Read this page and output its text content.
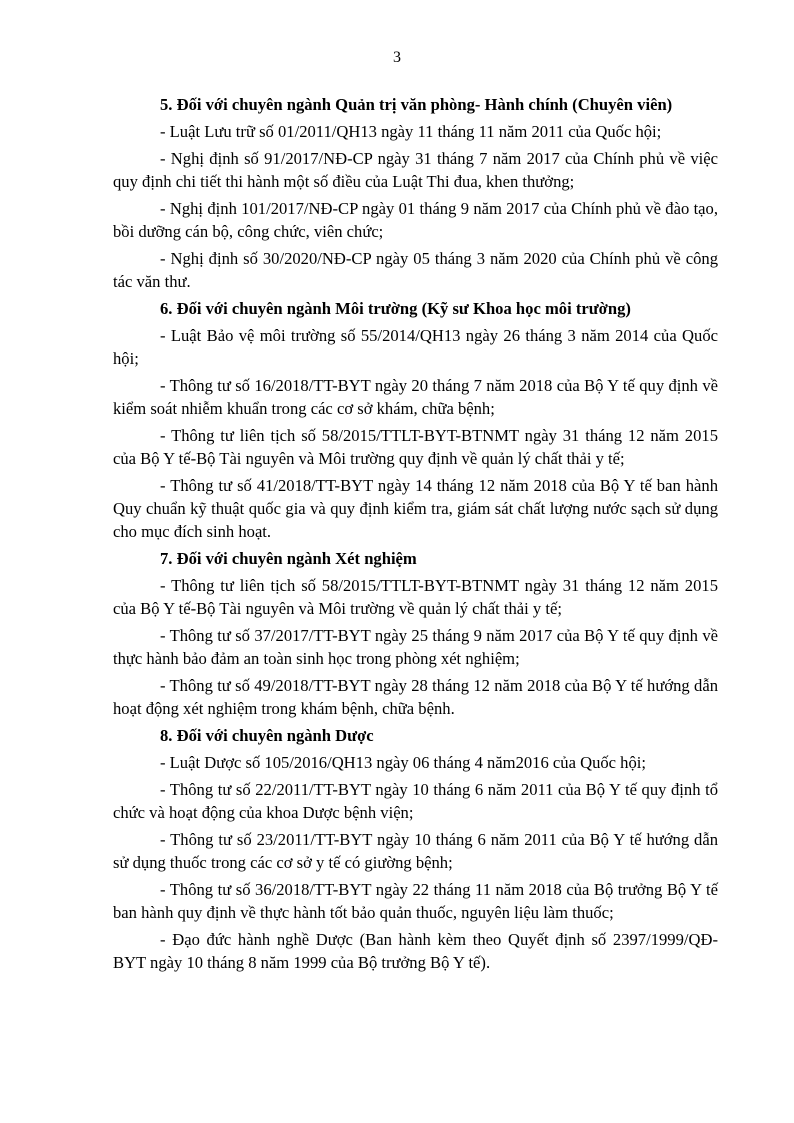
3

5. Đối với chuyên ngành Quản trị văn phòng- Hành chính (Chuyên viên)

- Luật Lưu trữ số 01/2011/QH13 ngày 11 tháng 11 năm 2011 của Quốc hội;

- Nghị định số 91/2017/NĐ-CP ngày 31 tháng 7 năm 2017 của Chính phủ về việc quy định chi tiết thi hành một số điều của Luật Thi đua, khen thưởng;

- Nghị định 101/2017/NĐ-CP ngày 01 tháng 9 năm 2017 của Chính phủ về đào tạo, bồi dưỡng cán bộ, công chức, viên chức;

- Nghị định số 30/2020/NĐ-CP ngày 05 tháng 3 năm 2020 của Chính phủ về công tác văn thư.

6. Đối với chuyên ngành Môi trường (Kỹ sư Khoa học môi trường)

- Luật Bảo vệ môi trường số 55/2014/QH13 ngày 26 tháng 3 năm 2014 của Quốc hội;

- Thông tư số 16/2018/TT-BYT ngày 20 tháng 7 năm 2018 của Bộ Y tế quy định về kiểm soát nhiễm khuẩn trong các cơ sở khám, chữa bệnh;

- Thông tư liên tịch số 58/2015/TTLT-BYT-BTNMT ngày 31 tháng 12 năm 2015 của Bộ Y tế-Bộ Tài nguyên và Môi trường quy định về quản lý chất thải y tế;

- Thông tư số 41/2018/TT-BYT ngày 14 tháng 12 năm 2018 của Bộ Y tế ban hành Quy chuẩn kỹ thuật quốc gia và quy định kiểm tra, giám sát chất lượng nước sạch sử dụng cho mục đích sinh hoạt.

7. Đối với chuyên ngành Xét nghiệm

- Thông tư liên tịch số 58/2015/TTLT-BYT-BTNMT ngày 31 tháng 12 năm 2015 của Bộ Y tế-Bộ Tài nguyên và Môi trường về quản lý chất thải y tế;

- Thông tư số 37/2017/TT-BYT ngày 25 tháng 9 năm 2017 của Bộ Y tế quy định về thực hành bảo đảm an toàn sinh học trong phòng xét nghiệm;

- Thông tư số 49/2018/TT-BYT ngày 28 tháng 12 năm 2018 của Bộ Y tế hướng dẫn hoạt động xét nghiệm trong khám bệnh, chữa bệnh.

8. Đối với chuyên ngành Dược

- Luật Dược số 105/2016/QH13 ngày 06 tháng 4 năm2016 của Quốc hội;

- Thông tư số 22/2011/TT-BYT ngày 10 tháng 6 năm 2011 của Bộ Y tế quy định tổ chức và hoạt động của khoa Dược bệnh viện;

- Thông tư số 23/2011/TT-BYT ngày 10 tháng 6 năm 2011 của Bộ Y tế hướng dẫn sử dụng thuốc trong các cơ sở y tế có giường bệnh;

- Thông tư số 36/2018/TT-BYT ngày 22 tháng 11 năm 2018 của Bộ trưởng Bộ Y tế ban hành quy định về thực hành tốt bảo quản thuốc, nguyên liệu làm thuốc;

- Đạo đức hành nghề Dược (Ban hành kèm theo Quyết định số 2397/1999/QĐ- BYT ngày 10 tháng 8 năm 1999 của Bộ trưởng Bộ Y tế).
